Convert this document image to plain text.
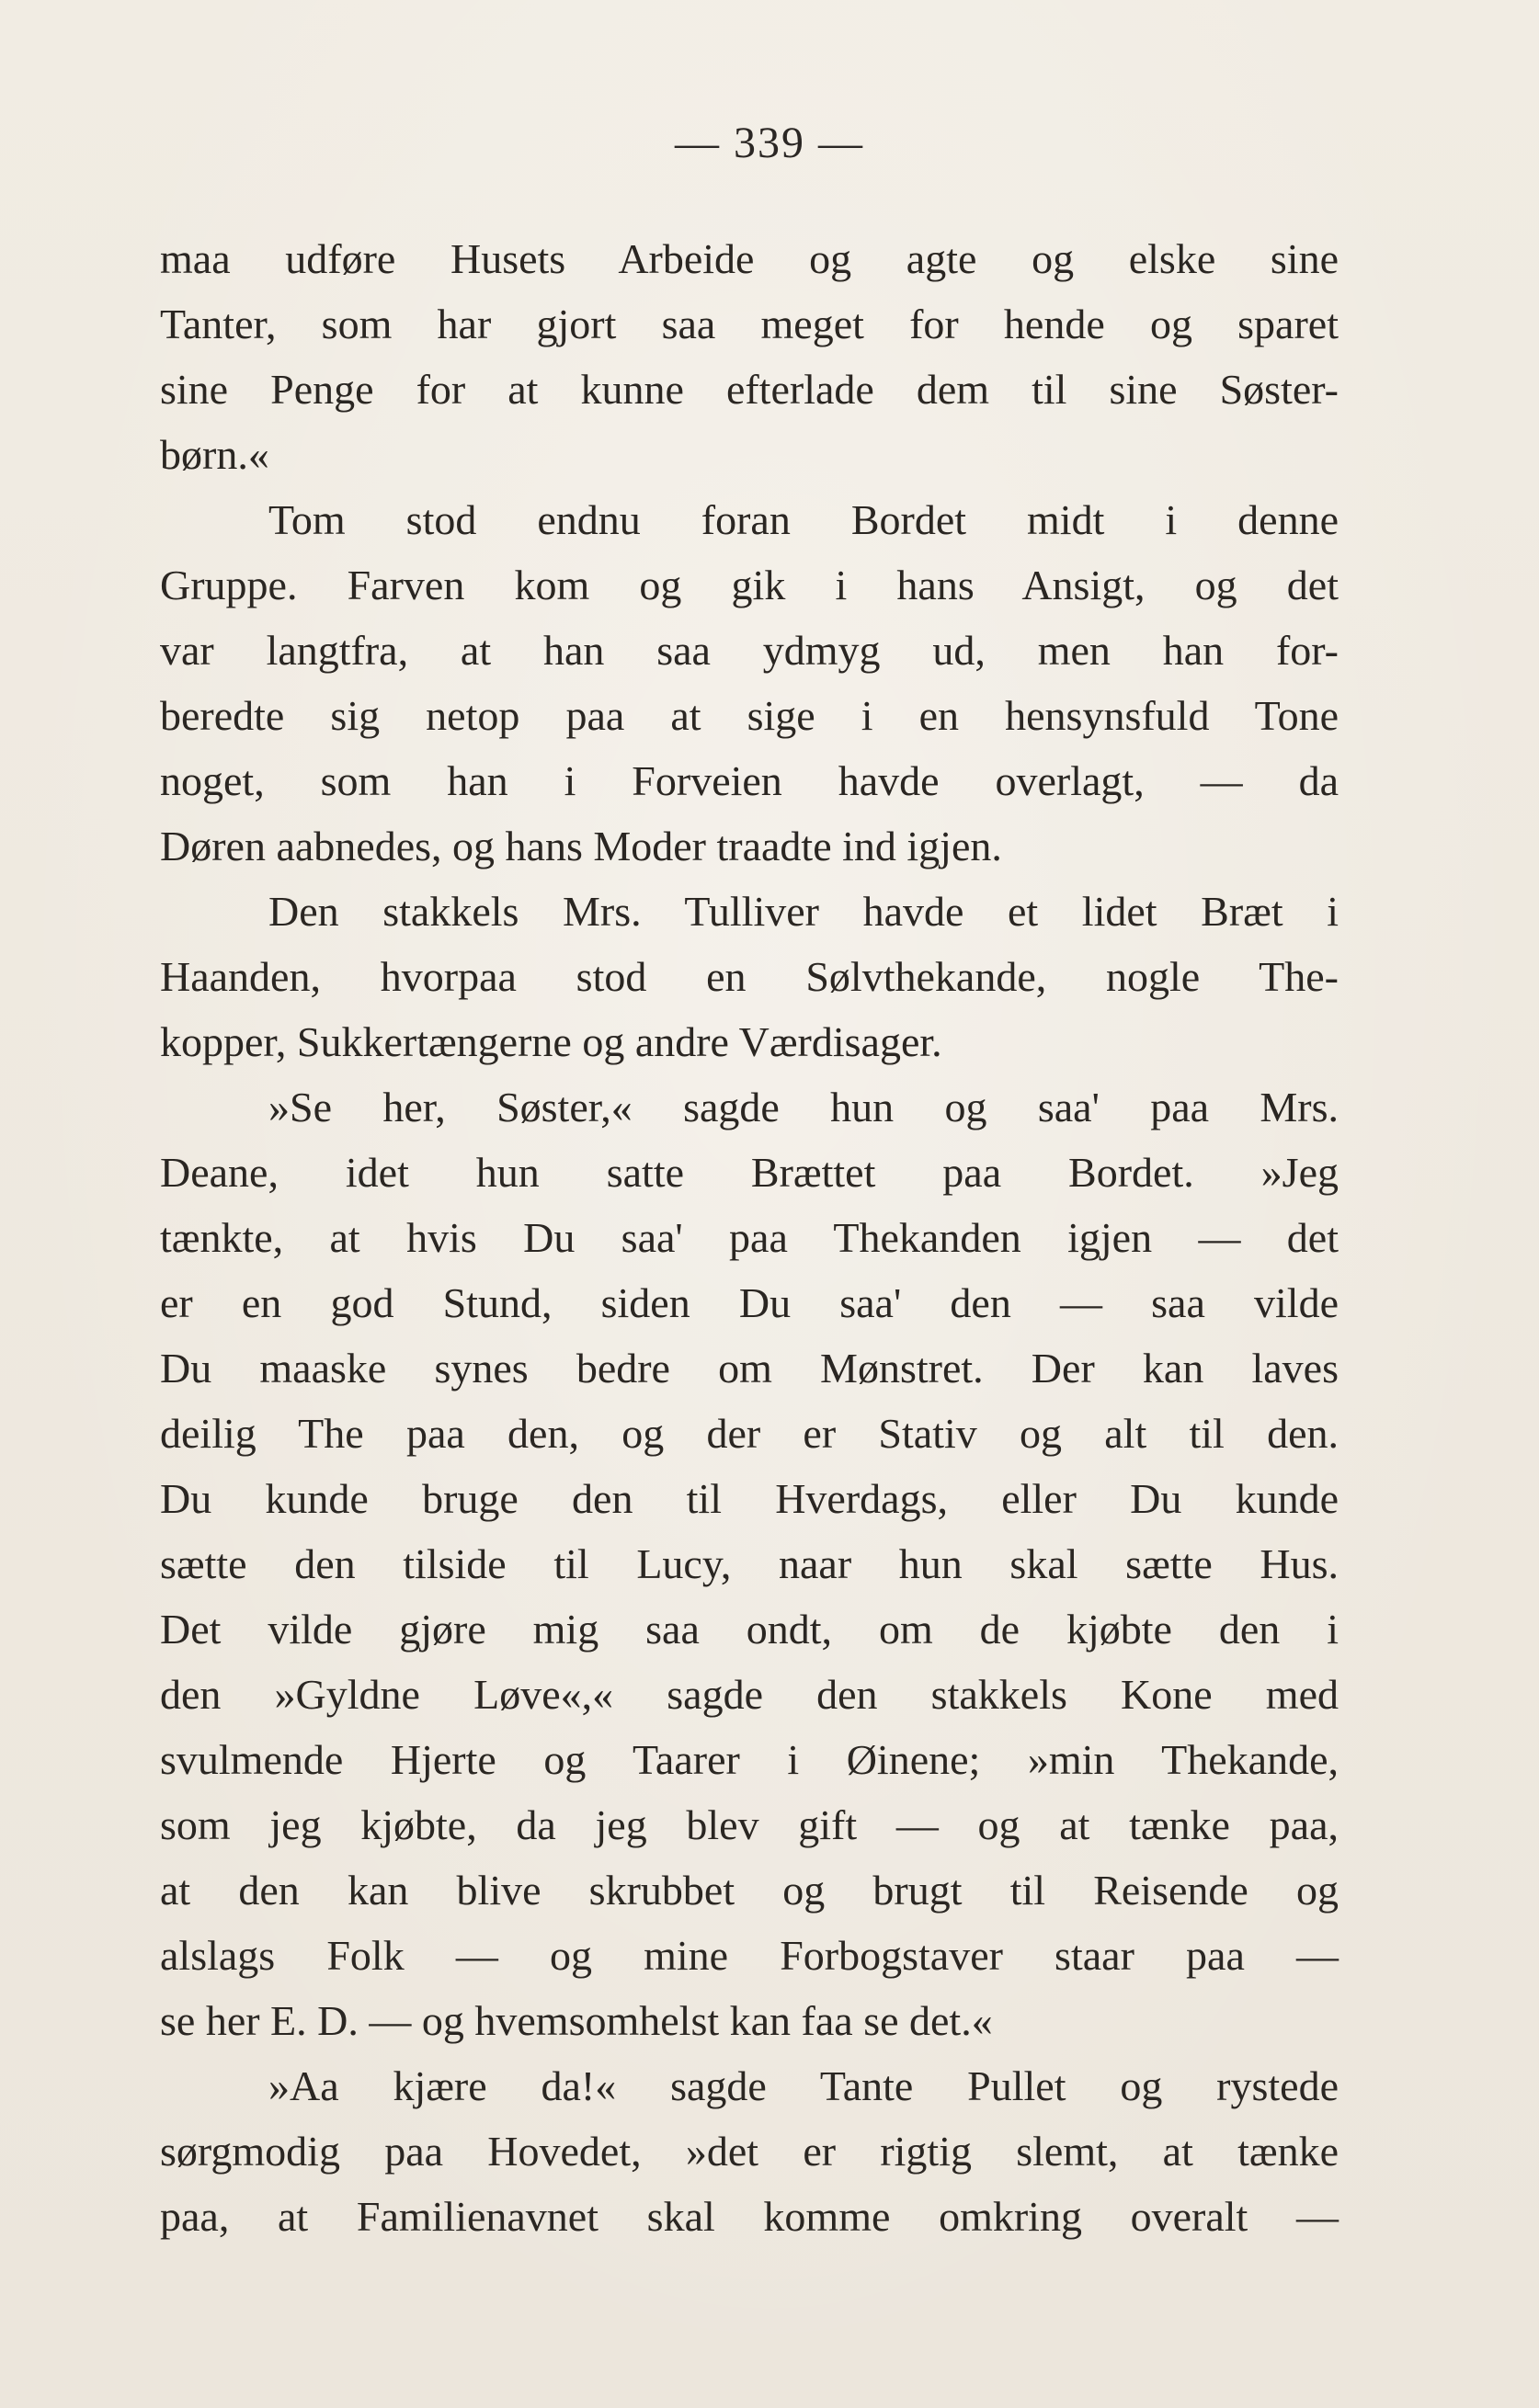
— 339 —
maa udføre Husets Arbeide og agte og elske sine
Tanter, som har gjort saa meget for hende og sparet
sine Penge for at kunne efterlade dem til sine Søster-
børn.«
Tom stod endnu foran Bordet midt i denne
Gruppe. Farven kom og gik i hans Ansigt, og det
var langtfra, at han saa ydmyg ud, men han for-
beredte sig netop paa at sige i en hensynsfuld Tone
noget, som han i Forveien havde overlagt, — da
Døren aabnedes, og hans Moder traadte ind igjen.
Den stakkels Mrs. Tulliver havde et lidet Bræt i
Haanden, hvorpaa stod en Sølvthekande, nogle The-
kopper, Sukkertængerne og andre Værdisager.
»Se her, Søster,« sagde hun og saa' paa Mrs.
Deane, idet hun satte Brættet paa Bordet. »Jeg
tænkte, at hvis Du saa' paa Thekanden igjen — det
er en god Stund, siden Du saa' den — saa vilde
Du maaske synes bedre om Mønstret. Der kan laves
deilig The paa den, og der er Stativ og alt til den.
Du kunde bruge den til Hverdags, eller Du kunde
sætte den tilside til Lucy, naar hun skal sætte Hus.
Det vilde gjøre mig saa ondt, om de kjøbte den i
den »Gyldne Løve«,« sagde den stakkels Kone med
svulmende Hjerte og Taarer i Øinene; »min Thekande,
som jeg kjøbte, da jeg blev gift — og at tænke paa,
at den kan blive skrubbet og brugt til Reisende og
alslags Folk — og mine Forbogstaver staar paa —
se her E. D. — og hvemsomhelst kan faa se det.«
»Aa kjære da!« sagde Tante Pullet og rystede
sørgmodig paa Hovedet, »det er rigtig slemt, at tænke
paa, at Familienavnet skal komme omkring overalt —
